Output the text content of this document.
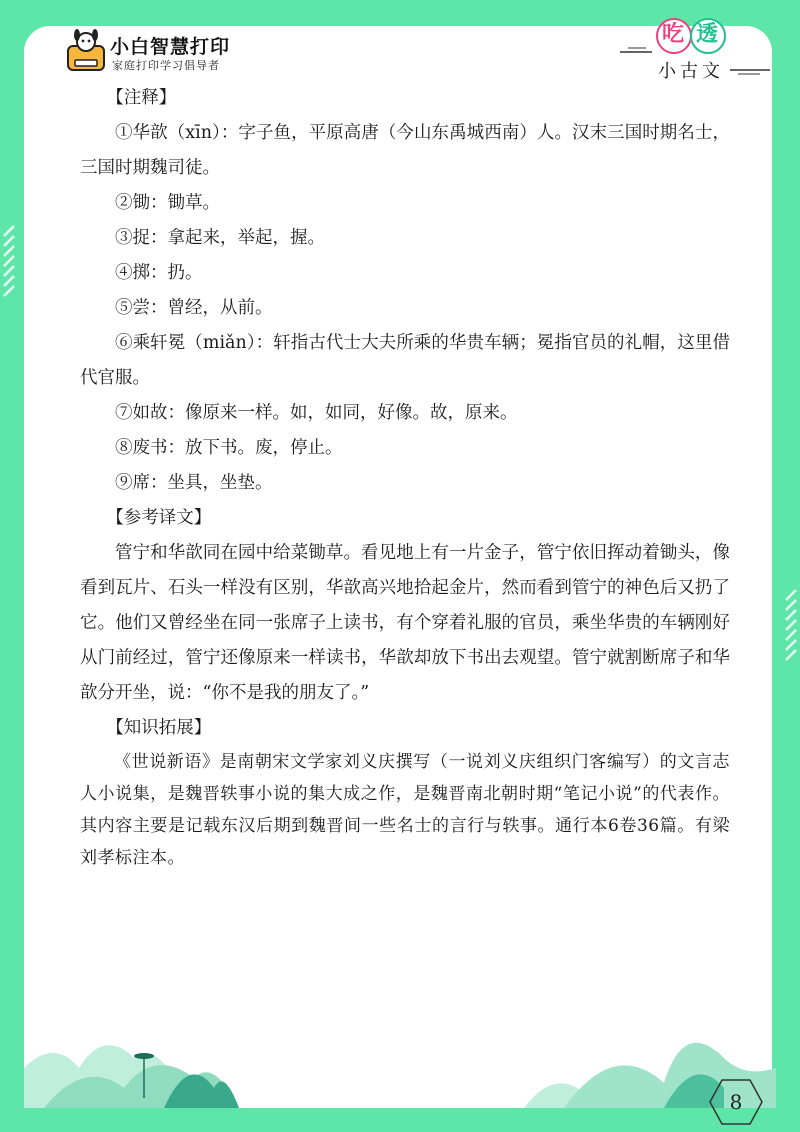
小白智慧打印
家庭打印学习倡导者
吃 透
小古文

【注释】

①华歆（xīn）：字子鱼，平原高唐（今山东禹城西南）人。汉末三国时期名士，三国时期魏司徒。

②锄：锄草。

③捉：拿起来，举起，握。

④掷：扔。

⑤尝：曾经，从前。

⑥乘轩冕（miǎn）：轩指古代士大夫所乘的华贵车辆；冕指官员的礼帽，这里借代官服。

⑦如故：像原来一样。如，如同，好像。故，原来。

⑧废书：放下书。废，停止。

⑨席：坐具，坐垫。

【参考译文】

管宁和华歆同在园中给菜锄草。看见地上有一片金子，管宁依旧挥动着锄头，像看到瓦片、石头一样没有区别，华歆高兴地拾起金片，然而看到管宁的神色后又扔了它。他们又曾经坐在同一张席子上读书，有个穿着礼服的官员，乘坐华贵的车辆刚好从门前经过，管宁还像原来一样读书，华歆却放下书出去观望。管宁就割断席子和华歆分开坐，说：“你不是我的朋友了。”

【知识拓展】

《世说新语》是南朝宋文学家刘义庆撰写（一说刘义庆组织门客编写）的文言志人小说集，是魏晋轶事小说的集大成之作，是魏晋南北朝时期“笔记小说”的代表作。其内容主要是记载东汉后期到魏晋间一些名士的言行与轶事。通行本6卷36篇。有梁刘孝标注本。

8
